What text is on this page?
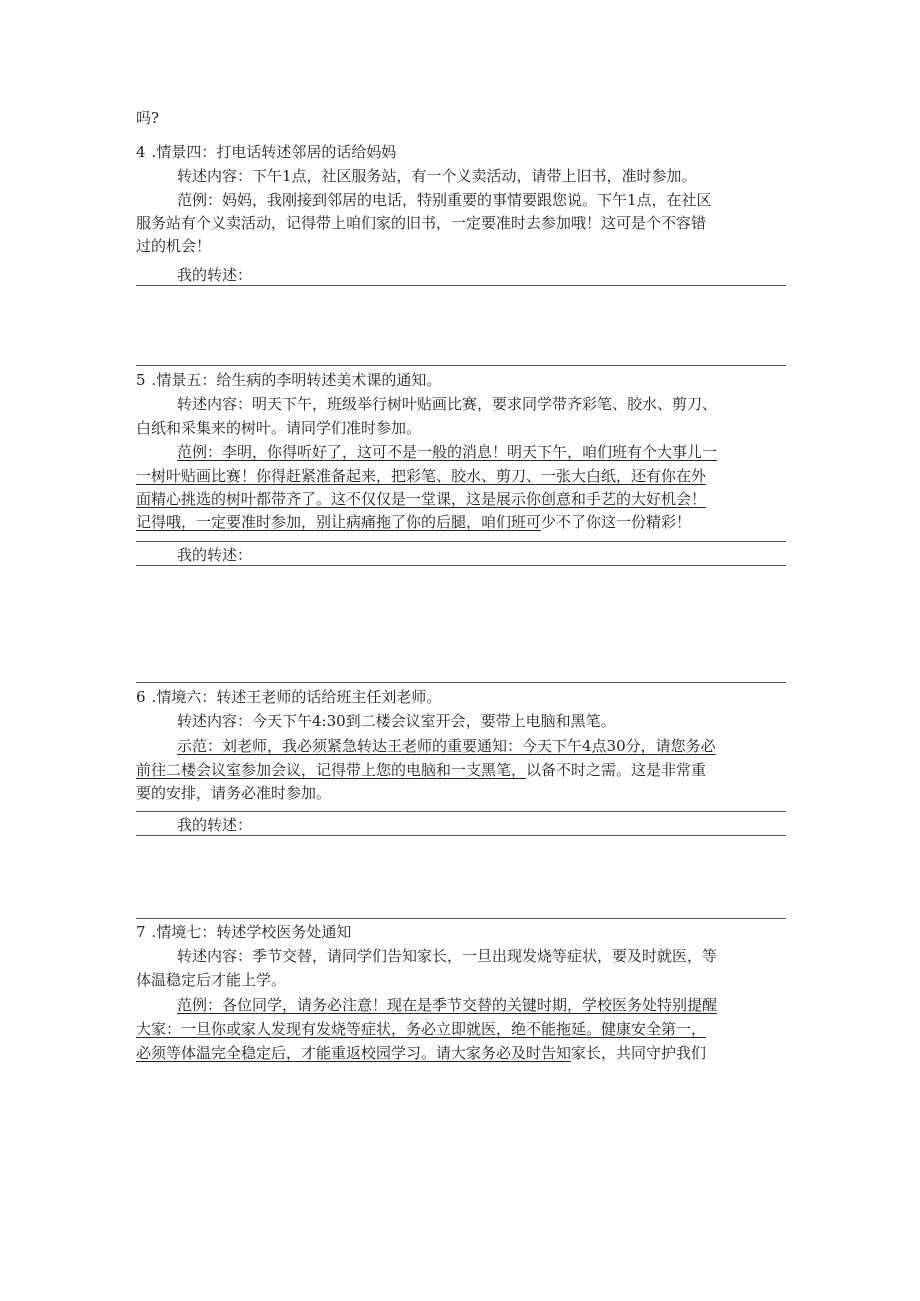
吗?
4 .情景四：打电话转述邻居的话给妈妈
转述内容：下午1点，社区服务站，有一个义卖活动，请带上旧书，准时参加。
范例：妈妈，我刚接到邻居的电话，特别重要的事情要跟您说。下午1点，在社区
服务站有个义卖活动，记得带上咱们家的旧书，一定要准时去参加哦！这可是个不容错
过的机会！
我的转述：
5 .情景五：给生病的李明转述美术课的通知。
转述内容：明天下午，班级举行树叶贴画比赛，要求同学带齐彩笔、胶水、剪刀、
白纸和采集来的树叶。请同学们准时参加。
范例：李明，你得听好了，这可不是一般的消息！明天下午，咱们班有个大事儿一
一树叶贴画比赛！你得赶紧准备起来，把彩笔、胶水、剪刀、一张大白纸，还有你在外
面精心挑选的树叶都带齐了。这不仅仅是一堂课，这是展示你创意和手艺的大好机会！
记得哦，一定要准时参加，别让病痛拖了你的后腿，咱们班可少不了你这一份精彩！
我的转述：
6 .情境六：转述王老师的话给班主任刘老师。
转述内容：今天下午4:30到二楼会议室开会，要带上电脑和黑笔。
示范：刘老师，我必须紧急转达王老师的重要通知：今天下午4点30分，请您务必
前往二楼会议室参加会议，记得带上您的电脑和一支黑笔，以备不时之需。这是非常重
要的安排，请务必准时参加。
我的转述：
7 .情境七：转述学校医务处通知
转述内容：季节交替，请同学们告知家长，一旦出现发烧等症状，要及时就医，等
体温稳定后才能上学。
范例：各位同学，请务必注意！现在是季节交替的关键时期，学校医务处特别提醒
大家：一旦你或家人发现有发烧等症状，务必立即就医，绝不能拖延。健康安全第一，
必须等体温完全稳定后，才能重返校园学习。请大家务必及时告知家长，共同守护我们
